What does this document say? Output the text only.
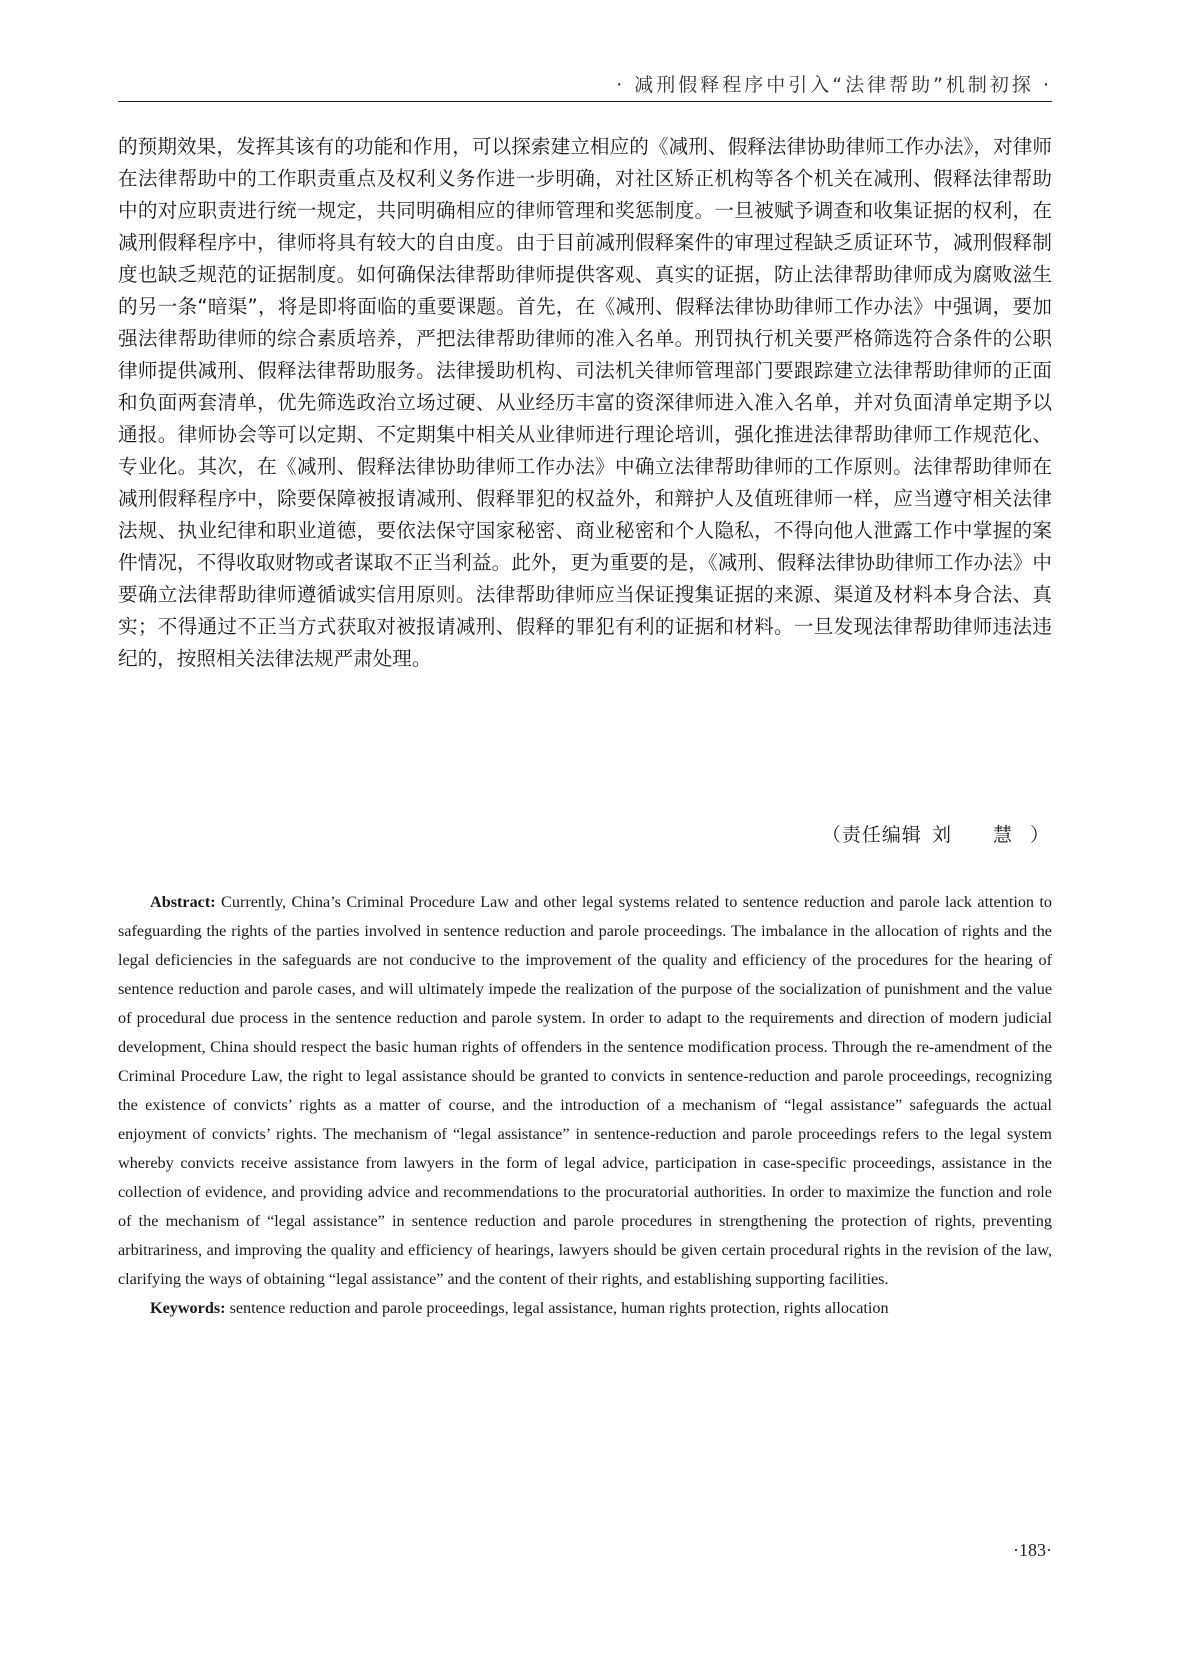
· 减刑假释程序中引入“法律帮助”机制初探 ·

的预期效果，发挥其该有的功能和作用，可以探索建立相应的《减刑、假释法律协助律师工作办法》，对律师在法律帮助中的工作职责重点及权利义务作进一步明确，对社区矫正机构等各个机关在减刑、假释法律帮助中的对应职责进行统一规定，共同明确相应的律师管理和奖惩制度。一旦被赋予调查和收集证据的权利，在减刑假释程序中，律师将具有较大的自由度。由于目前减刑假释案件的审理过程缺乏质证环节，减刑假释制度也缺乏规范的证据制度。如何确保法律帮助律师提供客观、真实的证据，防止法律帮助律师成为腐败滋生的另一条“暗渠”，将是即将面临的重要课题。首先，在《减刑、假释法律协助律师工作办法》中强调，要加强法律帮助律师的综合素质培养，严把法律帮助律师的准入名单。刑罚执行机关要严格筛选符合条件的公职律师提供减刑、假释法律帮助服务。法律援助机构、司法机关律师管理部门要跟踪建立法律帮助律师的正面和负面两套清单，优先筛选政治立场过硬、从业经历丰富的资深律师进入准入名单，并对负面清单定期予以通报。律师协会等可以定期、不定期集中相关从业律师进行理论培训，强化推进法律帮助律师工作规范化、专业化。其次，在《减刑、假释法律协助律师工作办法》中确立法律帮助律师的工作原则。法律帮助律师在减刑假释程序中，除要保障被报请减刑、假释罪犯的权益外，和辩护人及值班律师一样，应当遵守相关法律法规、执业纪律和职业道德，要依法保守国家秘密、商业秘密和个人隐私，不得向他人泄露工作中掌握的案件情况，不得收取财物或者谋取不正当利益。此外，更为重要的是，《减刑、假释法律协助律师工作办法》中要确立法律帮助律师遵循诚实信用原则。法律帮助律师应当保证搜集证据的来源、渠道及材料本身合法、真实；不得通过不正当方式获取对被报请减刑、假释的罪犯有利的证据和材料。一旦发现法律帮助律师违法违纪的，按照相关法律法规严肃处理。

（责任编辑 刘 慧）

Abstract: Currently, China’s Criminal Procedure Law and other legal systems related to sentence reduction and parole lack attention to safeguarding the rights of the parties involved in sentence reduction and parole proceedings. The imbalance in the allocation of rights and the legal deficiencies in the safeguards are not conducive to the improvement of the quality and efficiency of the procedures for the hearing of sentence reduction and parole cases, and will ultimately impede the realization of the purpose of the socialization of punishment and the value of procedural due process in the sentence reduction and parole system. In order to adapt to the requirements and direction of modern judicial development, China should respect the basic human rights of offenders in the sentence modification process. Through the re-amendment of the Criminal Procedure Law, the right to legal assistance should be granted to convicts in sentence-reduction and parole proceedings, recognizing the existence of convicts’ rights as a matter of course, and the introduction of a mechanism of “legal assistance” safeguards the actual enjoyment of convicts’ rights. The mechanism of “legal assistance” in sentence-reduction and parole proceedings refers to the legal system whereby convicts receive assistance from lawyers in the form of legal advice, participation in case-specific proceedings, assistance in the collection of evidence, and providing advice and recommendations to the procuratorial authorities. In order to maximize the function and role of the mechanism of “legal assistance” in sentence reduction and parole procedures in strengthening the protection of rights, preventing arbitrariness, and improving the quality and efficiency of hearings, lawyers should be given certain procedural rights in the revision of the law, clarifying the ways of obtaining “legal assistance” and the content of their rights, and establishing supporting facilities.

Keywords: sentence reduction and parole proceedings, legal assistance, human rights protection, rights allocation

·183·
